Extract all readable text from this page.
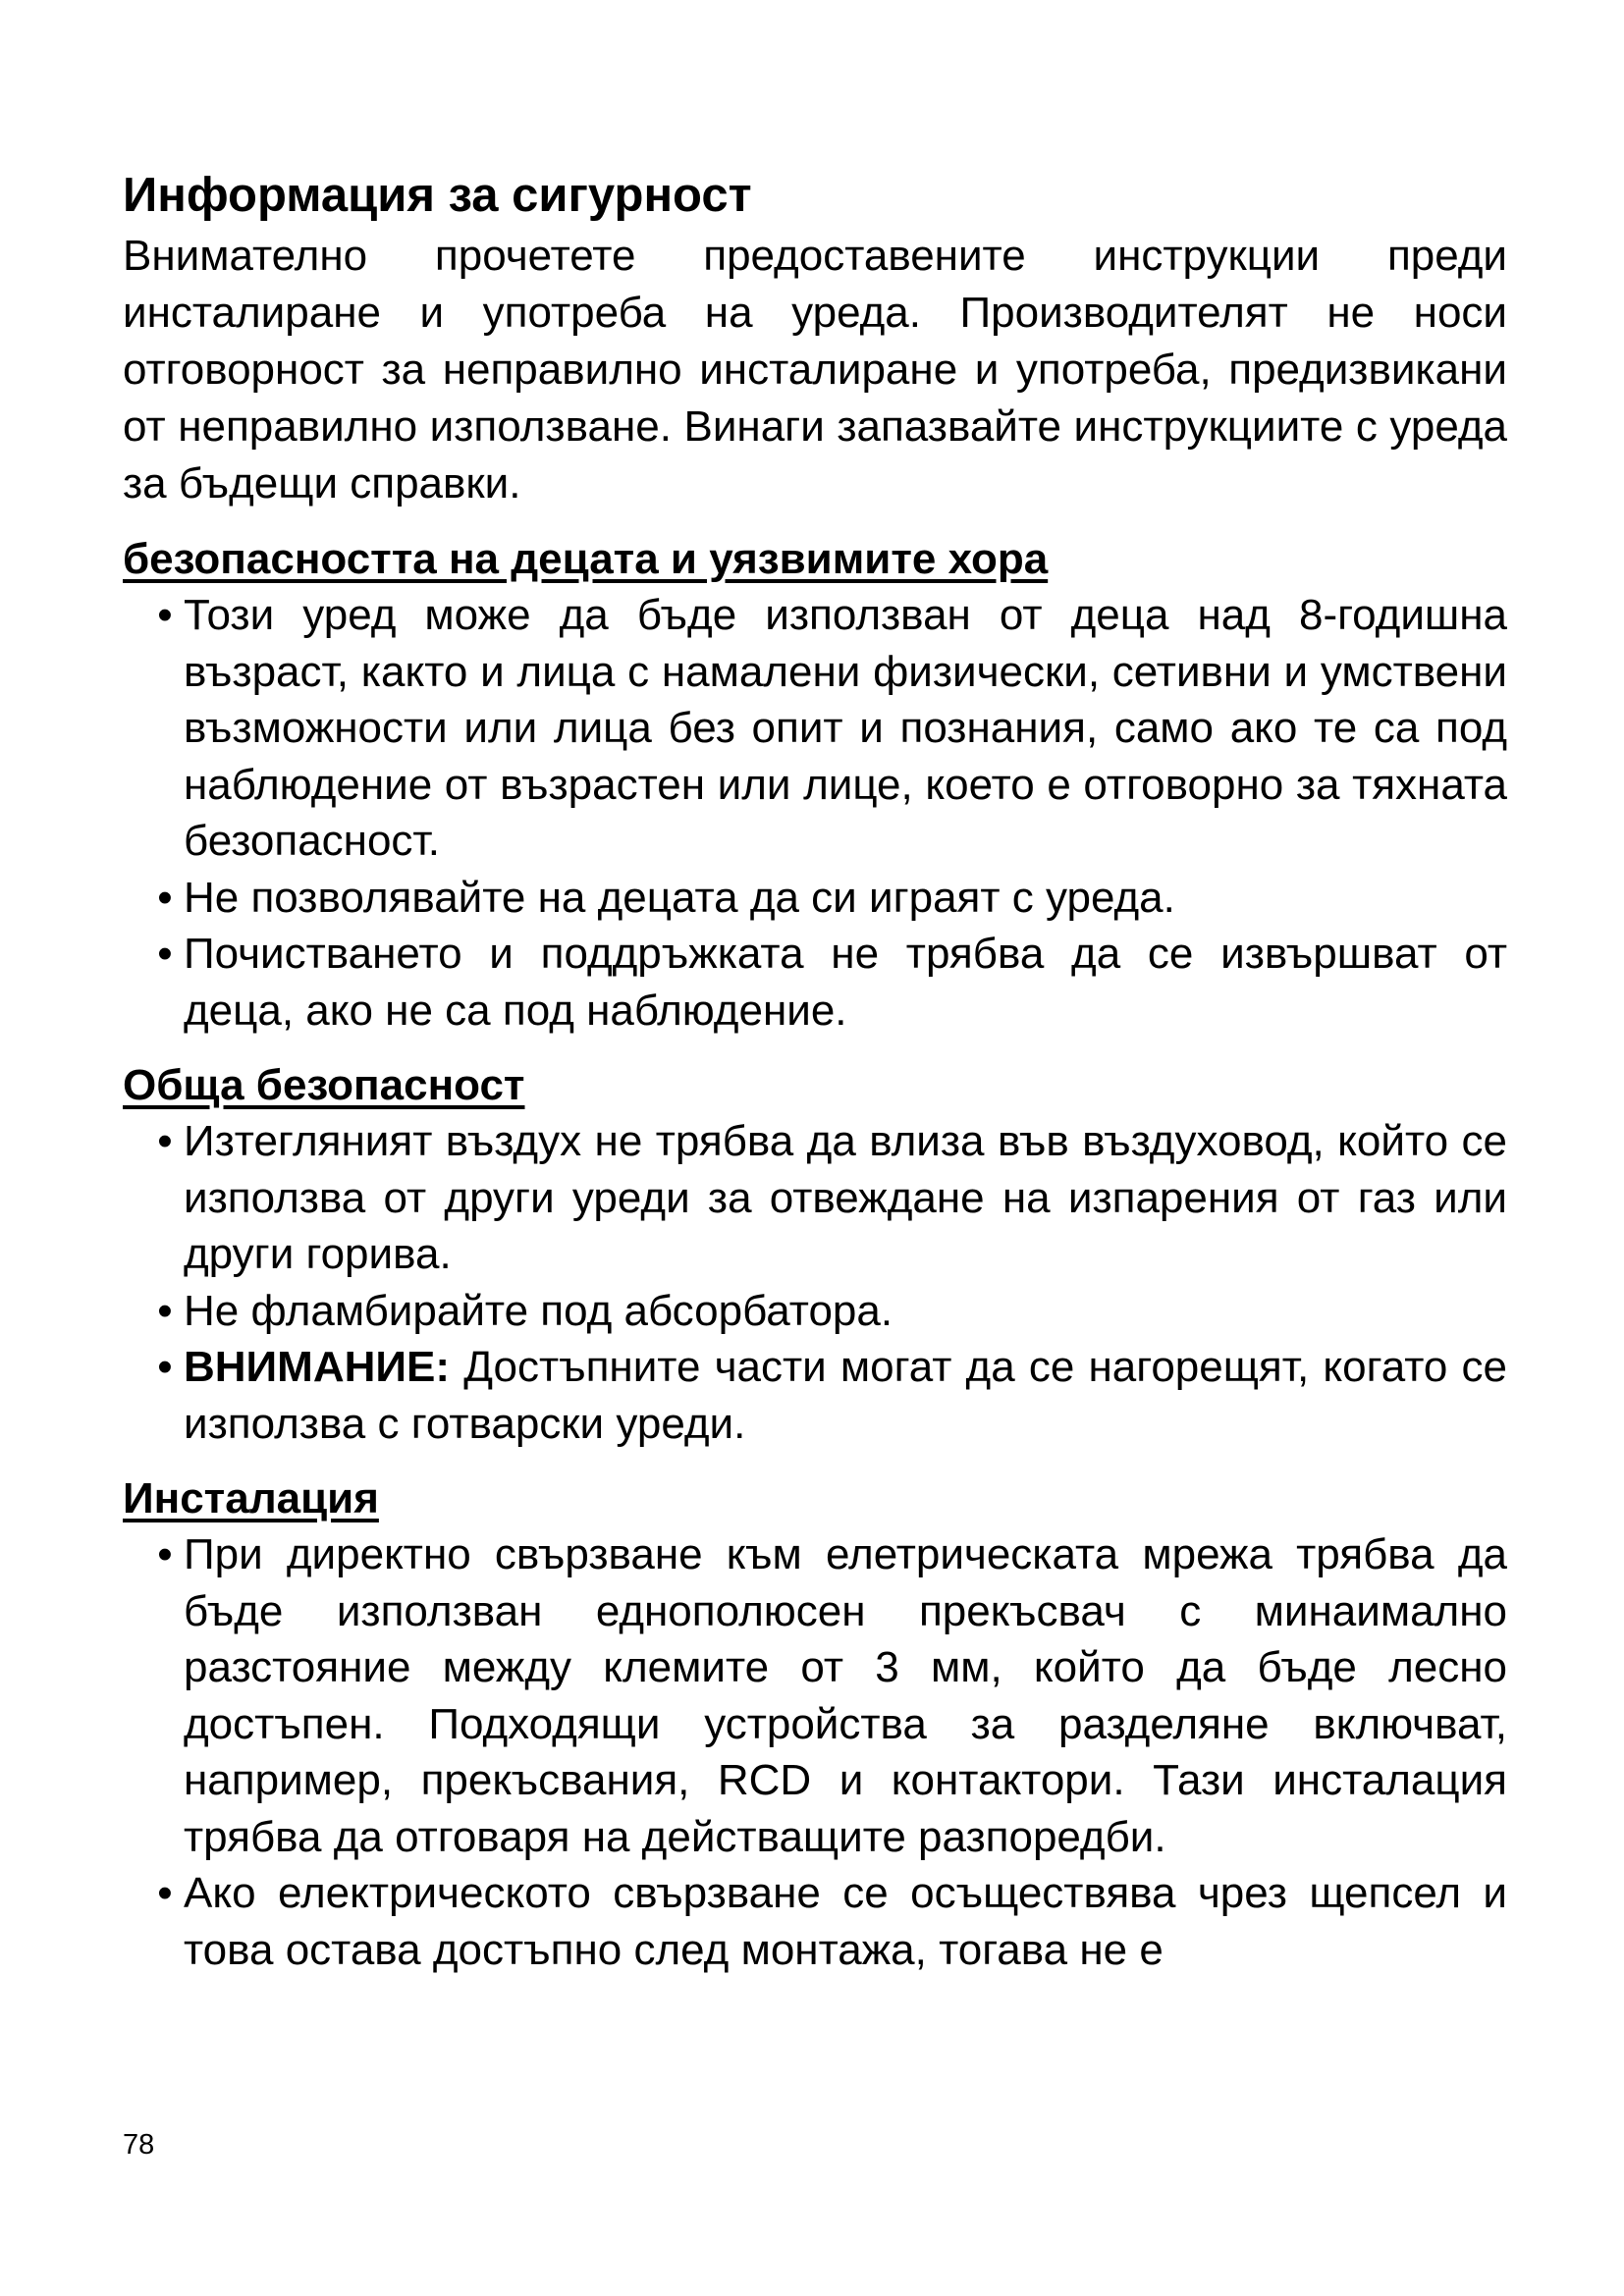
Информация за сигурност

Внимателно прочетете предоставените инструкции преди инсталиране и употреба на уреда. Производителят не носи отговорност за неправилно инсталиране и употреба, предизвикани от неправилно използване. Винаги запазвайте инструкциите с уреда за бъдещи справки.

безопасността на децата и уязвимите хора
• Този уред може да бъде използван от деца над 8-годишна възраст, както и лица с намалени физически, сетивни и умствени възможности или лица без опит и познания, само ако те са под наблюдение от възрастен или лице, което е отговорно за тяхната безопасност.
• Не позволявайте на децата да си играят с уреда.
• Почистването и поддръжката не трябва да се извършват от деца, ако не са под наблюдение.
Обща безопасност
• Изтегляният въздух не трябва да влиза във въздуховод, който се използва от други уреди за отвеждане на изпарения от газ или други горива.
• Не фламбирайте под абсорбатора.
• ВНИМАНИЕ: Достъпните части могат да се нагорещят, когато се използва с готварски уреди.
Инсталация
• При директно свързване към елетрическата мрежа трябва да бъде използван еднополюсен прекъсвач с минаимално разстояние между клемите от 3 мм, който да бъде лесно достъпен. Подходящи устройства за разделяне включват, например, прекъсвания, RCD и контактори. Тази инсталация трябва да отговаря на действащите разпоредби.
• Ако електрическото свързване се осъществява чрез щепсел и това остава достъпно след монтажа, тогава не е
78
